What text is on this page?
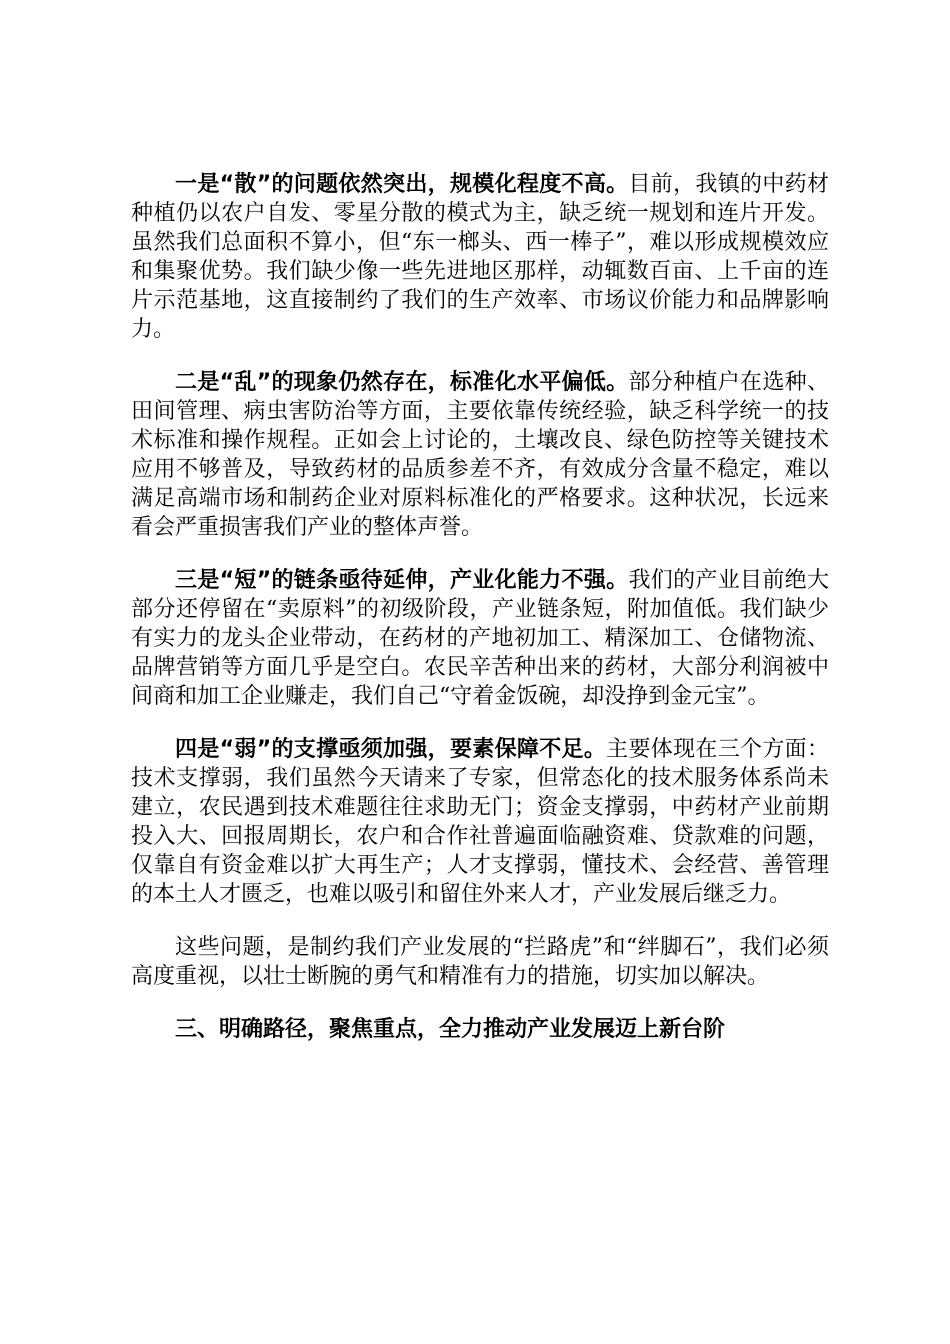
一是“散”的问题依然突出，规模化程度不高。目前，我镇的中药材种植仍以农户自发、零星分散的模式为主，缺乏统一规划和连片开发。虽然我们总面积不算小，但“东一榔头、西一棒子”，难以形成规模效应和集聚优势。我们缺少像一些先进地区那样，动辄数百亩、上千亩的连片示范基地，这直接制约了我们的生产效率、市场议价能力和品牌影响力。

二是“乱”的现象仍然存在，标准化水平偏低。部分种植户在选种、田间管理、病虫害防治等方面，主要依靠传统经验，缺乏科学统一的技术标准和操作规程。正如会上讨论的，土壤改良、绿色防控等关键技术应用不够普及，导致药材的品质参差不齐，有效成分含量不稳定，难以满足高端市场和制药企业对原料标准化的严格要求。这种状况，长远来看会严重损害我们产业的整体声誉。

三是“短”的链条亟待延伸，产业化能力不强。我们的产业目前绝大部分还停留在“卖原料”的初级阶段，产业链条短，附加值低。我们缺少有实力的龙头企业带动，在药材的产地初加工、精深加工、仓储物流、品牌营销等方面几乎是空白。农民辛苦种出来的药材，大部分利润被中间商和加工企业赚走，我们自己“守着金饭碗，却没挣到金元宝”。

四是“弱”的支撑亟须加强，要素保障不足。主要体现在三个方面：技术支撑弱，我们虽然今天请来了专家，但常态化的技术服务体系尚未建立，农民遇到技术难题往往求助无门；资金支撑弱，中药材产业前期投入大、回报周期长，农户和合作社普遍面临融资难、贷款难的问题，仅靠自有资金难以扩大再生产；人才支撑弱，懂技术、会经营、善管理的本土人才匮乏，也难以吸引和留住外来人才，产业发展后继乏力。

这些问题，是制约我们产业发展的“拦路虎”和“绊脚石”，我们必须高度重视，以壮士断腕的勇气和精准有力的措施，切实加以解决。

三、明确路径，聚焦重点，全力推动产业发展迈上新台阶
